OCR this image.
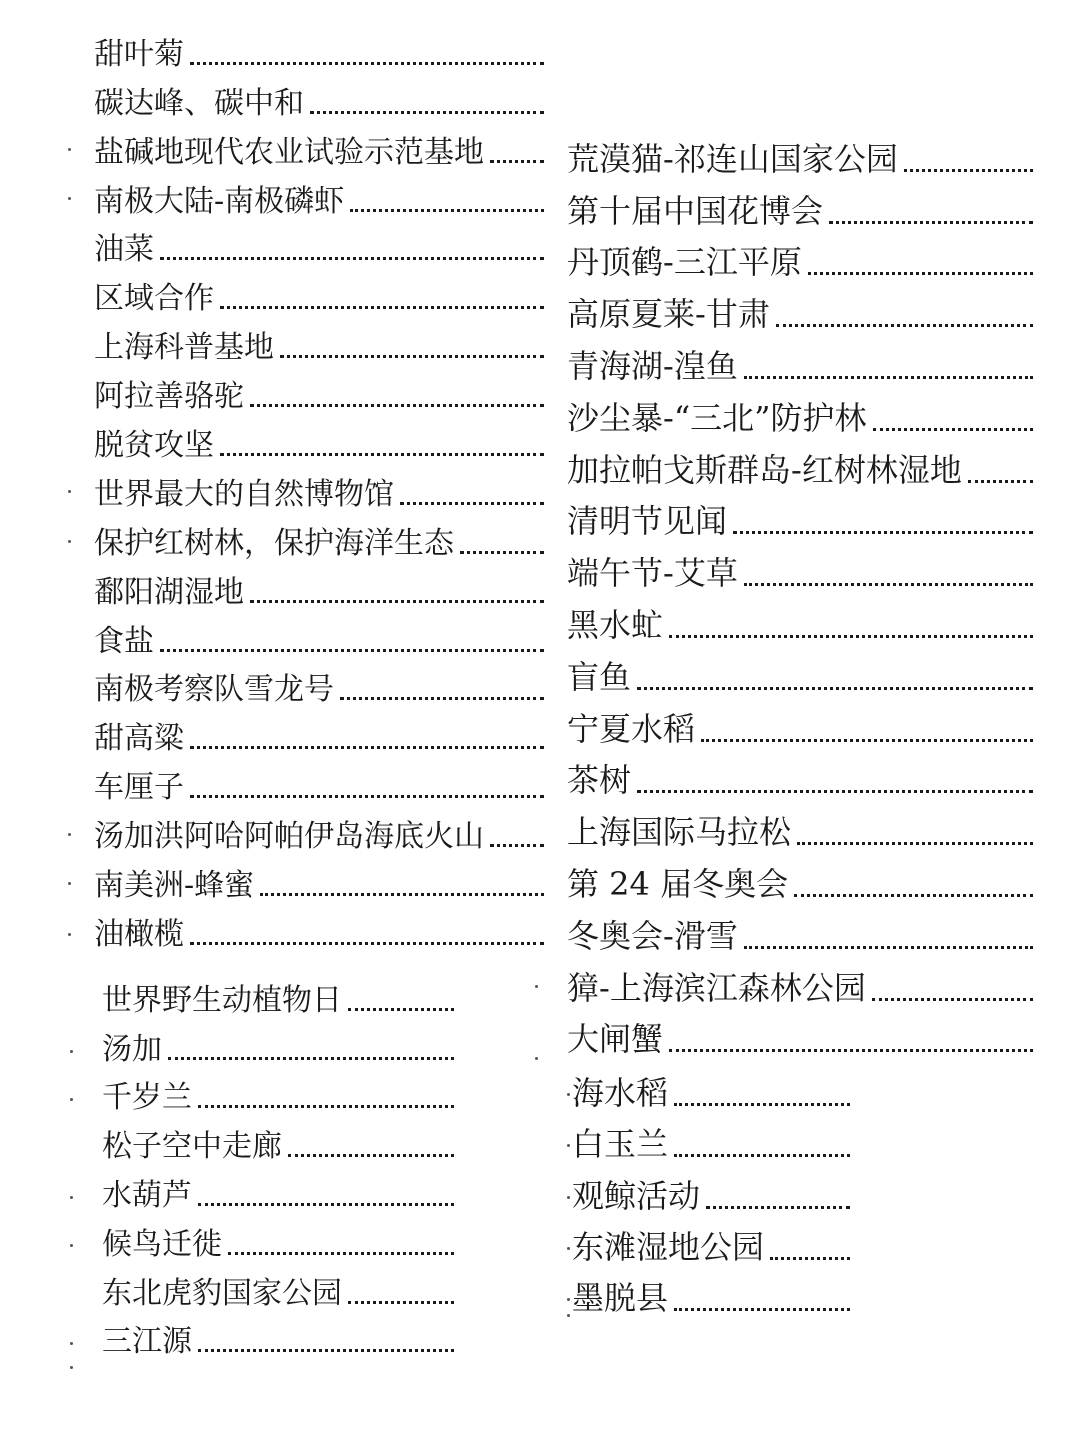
甜叶菊
碳达峰、碳中和
盐碱地现代农业试验示范基地
南极大陆-南极磷虾
油菜
区域合作
上海科普基地
阿拉善骆驼
脱贫攻坚
世界最大的自然博物馆
保护红树林，保护海洋生态
鄱阳湖湿地
食盐
南极考察队雪龙号
甜高粱
车厘子
汤加洪阿哈阿帕伊岛海底火山
南美洲-蜂蜜
油橄榄
荒漠猫-祁连山国家公园
第十届中国花博会
丹顶鹤-三江平原
高原夏莱-甘肃
青海湖-湟鱼
沙尘暴-“三北”防护林
加拉帕戈斯群岛-红树林湿地
清明节见闻
端午节-艾草
黑水虻
盲鱼
宁夏水稻
茶树
上海国际马拉松
第 24 届冬奥会
冬奥会-滑雪
獐-上海滨江森林公园
大闸蟹
世界野生动植物日
汤加
千岁兰
松子空中走廊
水葫芦
候鸟迁徙
东北虎豹国家公园
三江源
海水稻
白玉兰
观鲸活动
东滩湿地公园
墨脱县
